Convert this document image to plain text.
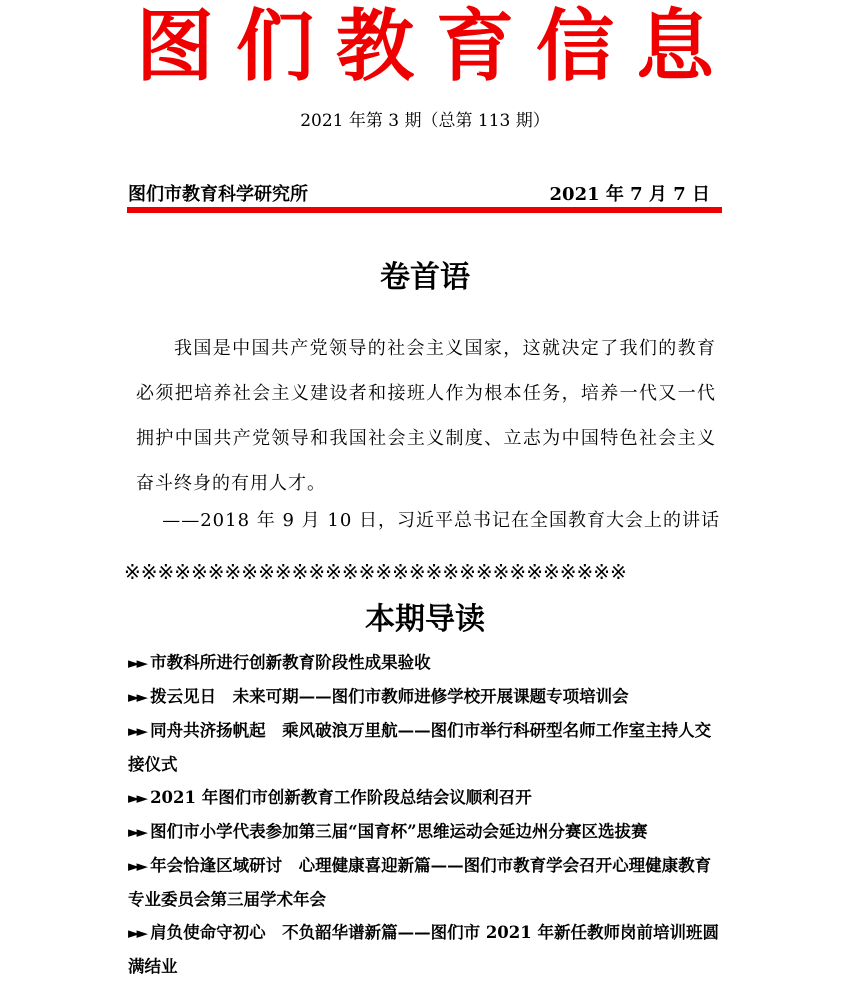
图们教育信息
2021 年第 3 期（总第 113 期）
图们市教育科学研究所	2021 年 7 月 7 日
卷首语
我国是中国共产党领导的社会主义国家，这就决定了我们的教育必须把培养社会主义建设者和接班人作为根本任务，培养一代又一代拥护中国共产党领导和我国社会主义制度、立志为中国特色社会主义奋斗终身的有用人才。
——2018 年 9 月 10 日，习近平总书记在全国教育大会上的讲话
※※※※※※※※※※※※※※※※※※※※※※※※※※※※※※
本期导读
►► 市教科所进行创新教育阶段性成果验收
►► 拨云见日　未来可期——图们市教师进修学校开展课题专项培训会
►► 同舟共济扬帆起　乘风破浪万里航——图们市举行科研型名师工作室主持人交接仪式
►► 2021 年图们市创新教育工作阶段总结会议顺利召开
►► 图们市小学代表参加第三届“国育杯”思维运动会延边州分赛区选拔赛
►► 年会恰逢区域研讨　心理健康喜迎新篇——图们市教育学会召开心理健康教育专业委员会第三届学术年会
►► 肩负使命守初心　不负韶华谱新篇——图们市 2021 年新任教师岗前培训班圆满结业
